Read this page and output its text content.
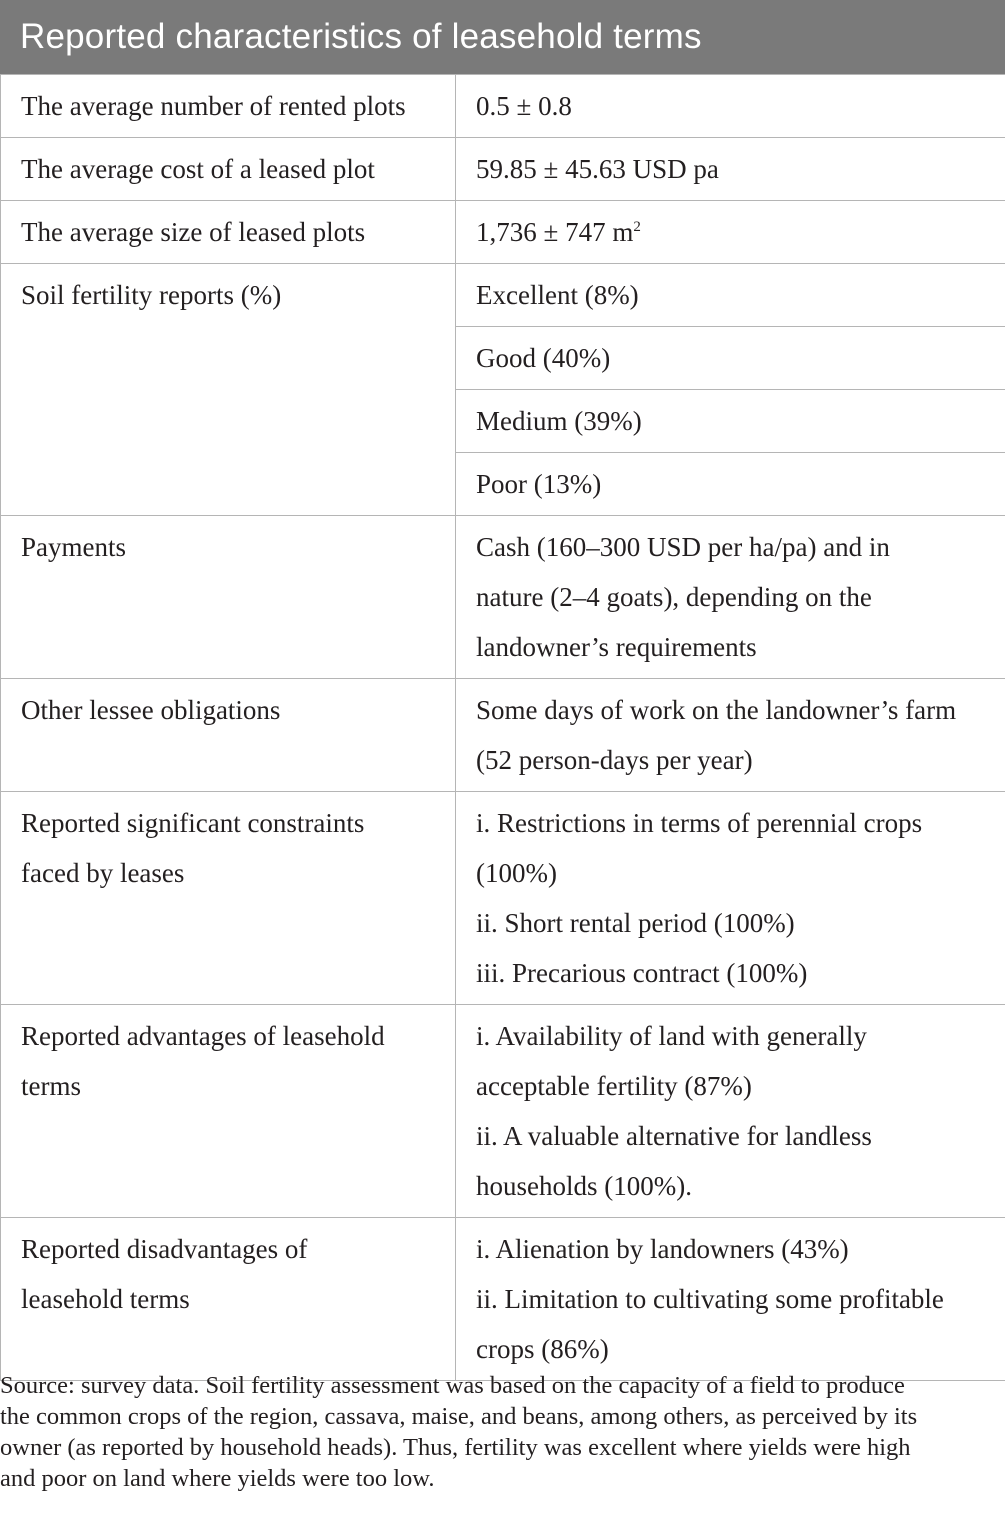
Reported characteristics of leasehold terms
The average number of rented plots	0.5 ± 0.8
The average cost of a leased plot	59.85 ± 45.63 USD pa
The average size of leased plots	1,736 ± 747 $m^2$
Soil fertility reports (%)	Excellent (8%)
	Good (40%)
	Medium (39%)
	Poor (13%)
Payments	Cash (160–300 USD per ha/pa) and in
nature (2–4 goats), depending on the
landowner’s requirements

Other lessee obligations	Some days of work on the landowner’s farm
(52 person-days per year)

Reported significant constraints
faced by leases	i. Restrictions in terms of perennial crops
(100%)
ii. Short rental period (100%)
iii. Precarious contract (100%)

Reported advantages of leasehold
terms	i. Availability of land with generally
acceptable fertility (87%)
ii. A valuable alternative for landless
households (100%).

Reported disadvantages of
leasehold terms	i. Alienation by landowners (43%)
ii. Limitation to cultivating some profitable
crops (86%)
Source: survey data. Soil fertility assessment was based on the capacity of a field to produce
the common crops of the region, cassava, maise, and beans, among others, as perceived by its
owner (as reported by household heads). Thus, fertility was excellent where yields were high
and poor on land where yields were too low.
